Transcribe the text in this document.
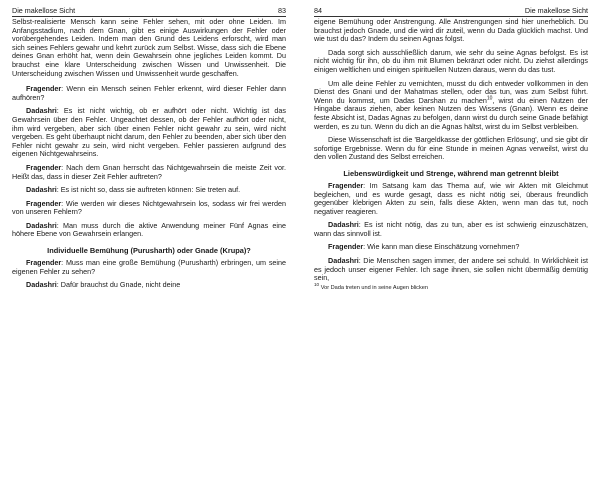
Die makellose Sicht	83

Selbst-realisierte Mensch kann seine Fehler sehen, mit oder ohne Leiden. Im Anfangsstadium, nach dem Gnan, gibt es einige Auswirkungen der Fehler oder vorübergehendes Leiden. Indem man den Grund des Leidens erforscht, wird man sich seines Fehlers gewahr und kehrt zurück zum Selbst. Wisse, dass sich die Ebene deines Gnan erhöht hat, wenn dein Gewahrsein ohne jegliches Leiden kommt. Du brauchst eine klare Unterscheidung zwischen Wissen und Unwissenheit. Die Unterscheidung zwischen Wissen und Unwissenheit wurde geschaffen.

Fragender: Wenn ein Mensch seinen Fehler erkennt, wird dieser Fehler dann aufhören?

Dadashri: Es ist nicht wichtig, ob er aufhört oder nicht. Wichtig ist das Gewahrsein über den Fehler. Ungeachtet dessen, ob der Fehler aufhört oder nicht, ihm wird vergeben, aber sich über einen Fehler nicht gewahr zu sein, wird nicht vergeben. Es geht überhaupt nicht darum, den Fehler zu beenden, aber sich über den Fehler nicht gewahr zu sein, wird nicht vergeben. Fehler passieren aufgrund des eigenen Nichtgewahrseins.

Fragender: Nach dem Gnan herrscht das Nichtgewahrsein die meiste Zeit vor. Heißt das, dass in dieser Zeit Fehler auftreten?

Dadashri: Es ist nicht so, dass sie auftreten können: Sie treten auf.

Fragender: Wie werden wir dieses Nichtgewahrsein los, sodass wir frei werden von unseren Fehlern?

Dadashri: Man muss durch die aktive Anwendung meiner Fünf Agnas eine höhere Ebene von Gewahrsein erlangen.

Individuelle Bemühung (Purusharth) oder Gnade (Krupa)?

Fragender: Muss man eine große Bemühung (Purusharth) erbringen, um seine eigenen Fehler zu sehen?

Dadashri: Dafür brauchst du Gnade, nicht deine

84	Die makellose Sicht

eigene Bemühung oder Anstrengung. Alle Anstrengungen sind hier unerheblich. Du brauchst jedoch Gnade, und die wird dir zuteil, wenn du Dada glücklich machst. Und wie tust du das? Indem du seinen Agnas folgst.

Dada sorgt sich ausschließlich darum, wie sehr du seine Agnas befolgst. Es ist nicht wichtig für ihn, ob du ihm mit Blumen bekränzt oder nicht. Du ziehst allerdings einigen weltlichen und einigen spirituellen Nutzen daraus, wenn du das tust.

Um alle deine Fehler zu vernichten, musst du dich entweder vollkommen in den Dienst des Gnani und der Mahatmas stellen, oder das tun, was zum Selbst führt. Wenn du kommst, um Dadas Darshan zu machen$^{10}$, wirst du einen Nutzen der Hingabe daraus ziehen, aber keinen Nutzen des Wissens (Gnan). Wenn es deine feste Absicht ist, Dadas Agnas zu befolgen, dann wirst du durch seine Gnade befähigt werden, es zu tun. Wenn du dich an die Agnas hältst, wirst du im Selbst verbleiben.

Diese Wissenschaft ist die 'Bargeldkasse der göttlichen Erlösung', und sie gibt dir sofortige Ergebnisse. Wenn du für eine Stunde in meinen Agnas verweilst, wirst du den vollen Zustand des Selbst erreichen.

Liebenswürdigkeit und Strenge, während man getrennt bleibt

Fragender: Im Satsang kam das Thema auf, wie wir Akten mit Gleichmut begleichen, und es wurde gesagt, dass es nicht nötig sei, überaus freundlich gegenüber klebrigen Akten zu sein, falls diese Akten, wenn man das tut, noch negativer reagieren.

Dadashri: Es ist nicht nötig, das zu tun, aber es ist schwierig einzuschätzen, wann das sinnvoll ist.

Fragender: Wie kann man diese Einschätzung vornehmen?

Dadashri: Die Menschen sagen immer, der andere sei schuld. In Wirklichkeit ist es jedoch unser eigener Fehler. Ich sage ihnen, sie sollen nicht übermäßig demütig sein,

$^{10}$ Vor Dada treten und in seine Augen blicken
